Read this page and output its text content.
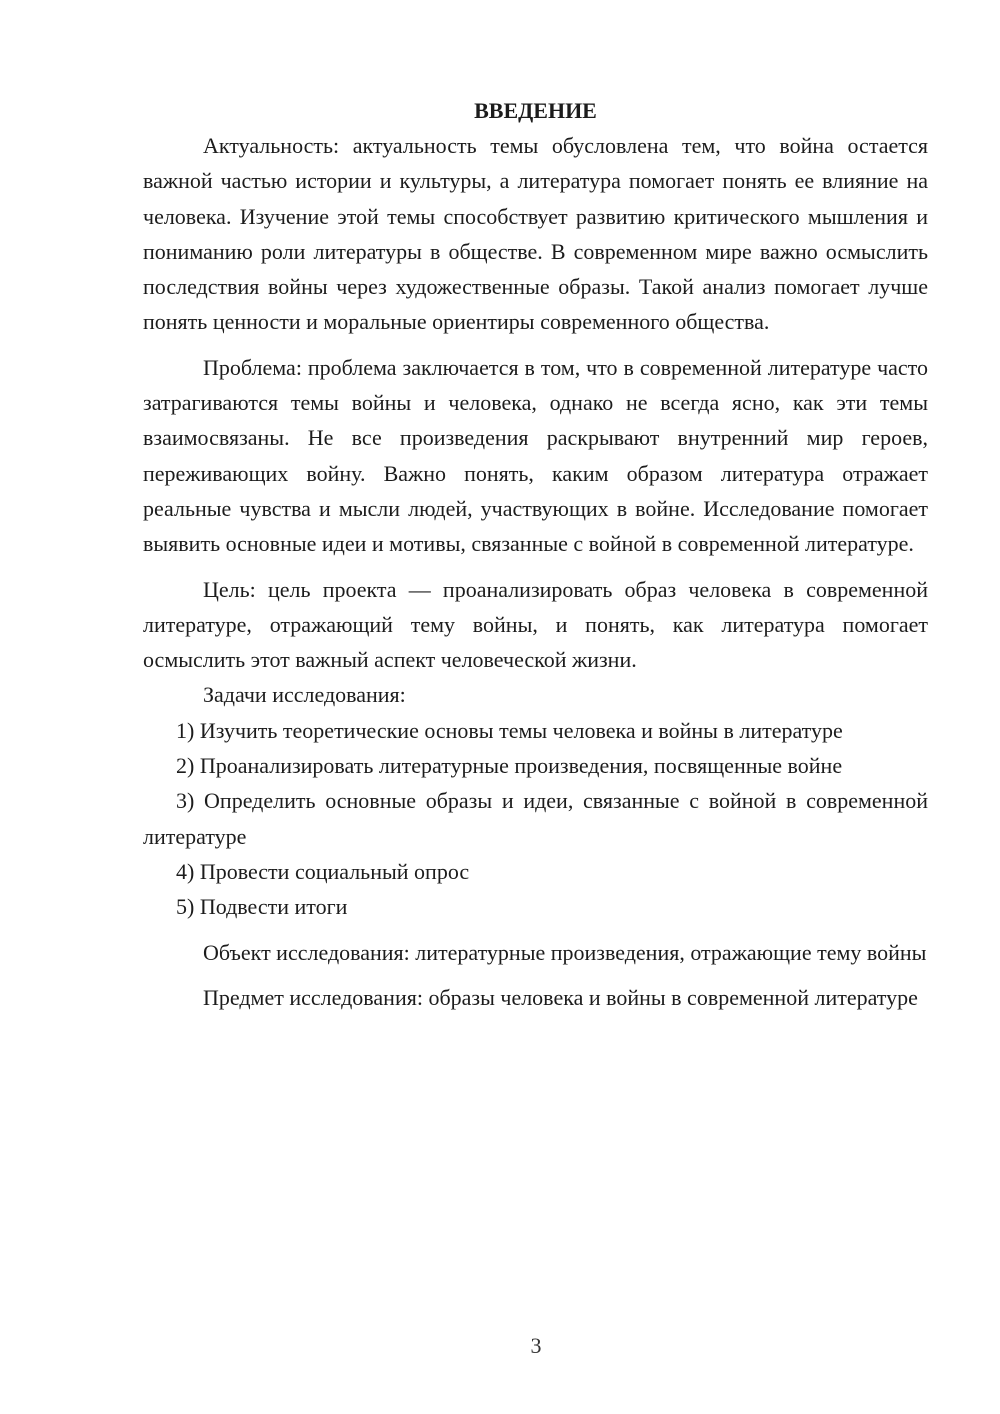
ВВЕДЕНИЕ

Актуальность: актуальность темы обусловлена тем, что война остается важной частью истории и культуры, а литература помогает понять ее влияние на человека. Изучение этой темы способствует развитию критического мышления и пониманию роли литературы в обществе. В современном мире важно осмыслить последствия войны через художественные образы. Такой анализ помогает лучше понять ценности и моральные ориентиры современного общества.

Проблема: проблема заключается в том, что в современной литературе часто затрагиваются темы войны и человека, однако не всегда ясно, как эти темы взаимосвязаны. Не все произведения раскрывают внутренний мир героев, переживающих войну. Важно понять, каким образом литература отражает реальные чувства и мысли людей, участвующих в войне. Исследование помогает выявить основные идеи и мотивы, связанные с войной в современной литературе.

Цель: цель проекта — проанализировать образ человека в современной литературе, отражающий тему войны, и понять, как литература помогает осмыслить этот важный аспект человеческой жизни.

Задачи исследования:

1) Изучить теоретические основы темы человека и войны в литературе

2) Проанализировать литературные произведения, посвященные войне

3) Определить основные образы и идеи, связанные с войной в современной литературе

4) Провести социальный опрос

5) Подвести итоги

Объект исследования: литературные произведения, отражающие тему войны

Предмет исследования: образы человека и войны в современной литературе

3
